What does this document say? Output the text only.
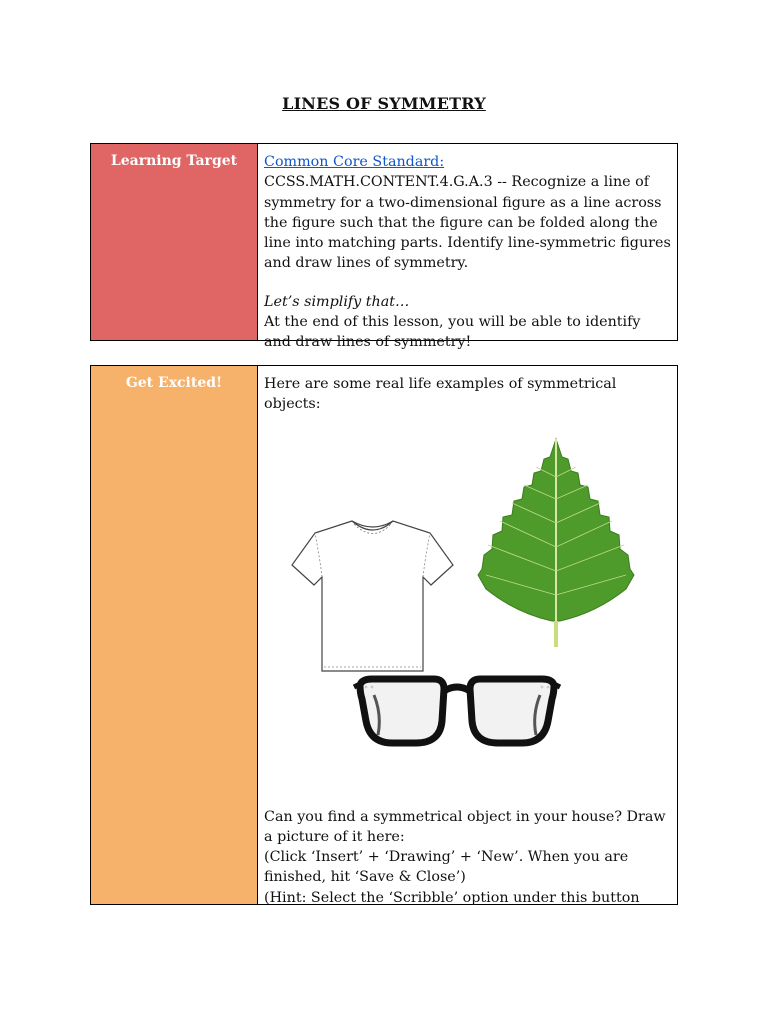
LINES OF SYMMETRY
Learning Target	Common Core Standard: CCSS.MATH.CONTENT.4.G.A.3 -- Recognize a line of symmetry for a two-dimensional figure as a line across the figure such that the figure can be folded along the line into matching parts. Identify line-symmetric figures and draw lines of symmetry.
Let’s simplify that…
At the end of this lesson, you will be able to identify and draw lines of symmetry!
Get Excited!	Here are some real life examples of symmetrical objects:
Can you find a symmetrical object in your house? Draw a picture of it here:
(Click ‘Insert’ + ‘Drawing’ + ‘New’. When you are finished, hit ‘Save & Close’)
(Hint: Select the ‘Scribble’ option under this button
